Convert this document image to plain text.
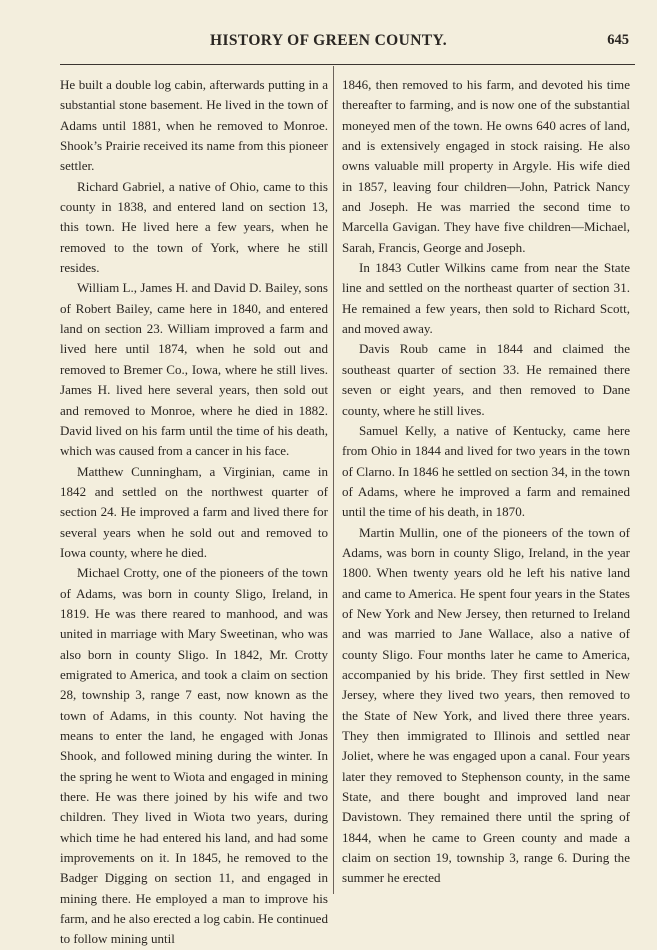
HISTORY OF GREEN COUNTY.	645

He built a double log cabin, afterwards putting in a substantial stone basement. He lived in the town of Adams until 1881, when he removed to Monroe. Shook’s Prairie received its name from this pioneer settler.

Richard Gabriel, a native of Ohio, came to this county in 1838, and entered land on section 13, this town. He lived here a few years, when he removed to the town of York, where he still resides.

William L., James H. and David D. Bailey, sons of Robert Bailey, came here in 1840, and entered land on section 23. William improved a farm and lived here until 1874, when he sold out and removed to Bremer Co., Iowa, where he still lives. James H. lived here several years, then sold out and removed to Monroe, where he died in 1882. David lived on his farm until the time of his death, which was caused from a cancer in his face.

Matthew Cunningham, a Virginian, came in 1842 and settled on the northwest quarter of section 24. He improved a farm and lived there for several years when he sold out and removed to Iowa county, where he died.

Michael Crotty, one of the pioneers of the town of Adams, was born in county Sligo, Ireland, in 1819. He was there reared to manhood, and was united in marriage with Mary Sweetinan, who was also born in county Sligo. In 1842, Mr. Crotty emigrated to America, and took a claim on section 28, township 3, range 7 east, now known as the town of Adams, in this county. Not having the means to enter the land, he engaged with Jonas Shook, and followed mining during the winter. In the spring he went to Wiota and engaged in mining there. He was there joined by his wife and two children. They lived in Wiota two years, during which time he had entered his land, and had some improvements on it. In 1845, he removed to the Badger Digging on section 11, and engaged in mining there. He employed a man to improve his farm, and he also erected a log cabin. He continued to follow mining until

1846, then removed to his farm, and devoted his time thereafter to farming, and is now one of the substantial moneyed men of the town. He owns 640 acres of land, and is extensively engaged in stock raising. He also owns valuable mill property in Argyle. His wife died in 1857, leaving four children—John, Patrick Nancy and Joseph. He was married the second time to Marcella Gavigan. They have five children—Michael, Sarah, Francis, George and Joseph.

In 1843 Cutler Wilkins came from near the State line and settled on the northeast quarter of section 31. He remained a few years, then sold to Richard Scott, and moved away.

Davis Roub came in 1844 and claimed the southeast quarter of section 33. He remained there seven or eight years, and then removed to Dane county, where he still lives.

Samuel Kelly, a native of Kentucky, came here from Ohio in 1844 and lived for two years in the town of Clarno. In 1846 he settled on section 34, in the town of Adams, where he improved a farm and remained until the time of his death, in 1870.

Martin Mullin, one of the pioneers of the town of Adams, was born in county Sligo, Ireland, in the year 1800. When twenty years old he left his native land and came to America. He spent four years in the States of New York and New Jersey, then returned to Ireland and was married to Jane Wallace, also a native of county Sligo. Four months later he came to America, accompanied by his bride. They first settled in New Jersey, where they lived two years, then removed to the State of New York, and lived there three years. They then immigrated to Illinois and settled near Joliet, where he was engaged upon a canal. Four years later they removed to Stephenson county, in the same State, and there bought and improved land near Davistown. They remained there until the spring of 1844, when he came to Green county and made a claim on section 19, township 3, range 6. During the summer he erected
